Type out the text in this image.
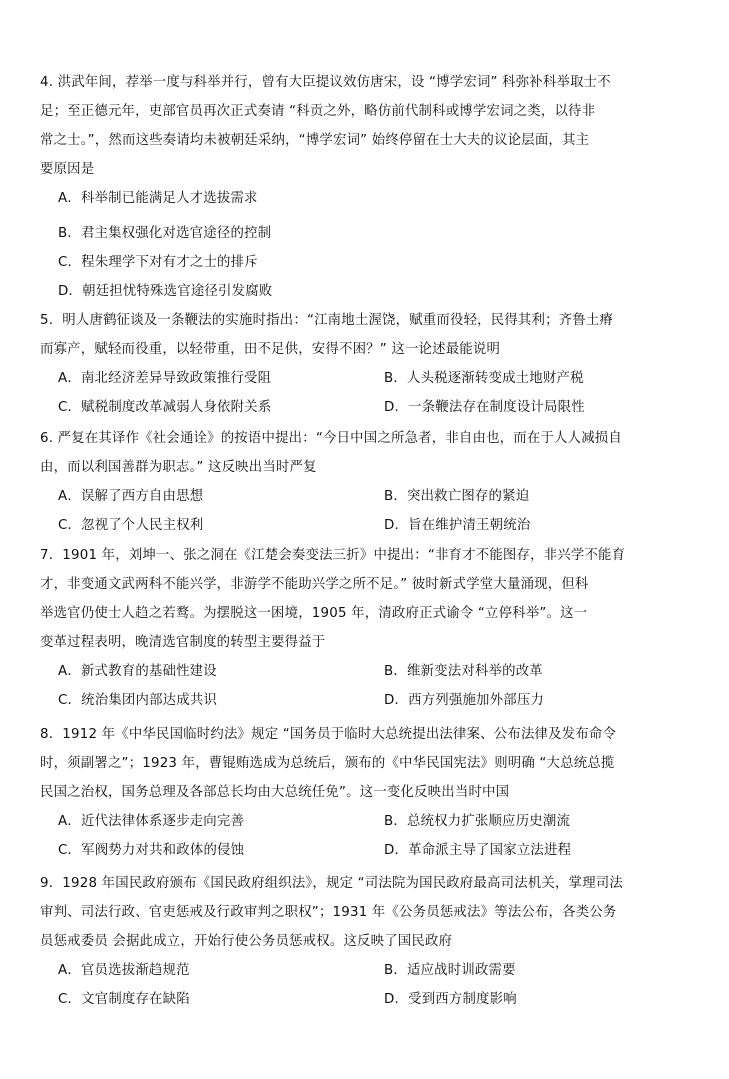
4. 洪武年间，荐举一度与科举并行，曾有大臣提议效仿唐宋，设 “博学宏词” 科弥补科举取士不
足；至正德元年，吏部官员再次正式奏请 “科贡之外，略仿前代制科或博学宏词之类，以待非
常之士。”，然而这些奏请均未被朝廷采纳，“博学宏词” 始终停留在士大夫的议论层面，其主
要原因是

A．科举制已能满足人才选拔需求
B．君主集权强化对选官途径的控制
C．程朱理学下对有才之士的排斥
D．朝廷担忧特殊选官途径引发腐败

5．明人唐鹤征谈及一条鞭法的实施时指出：“江南地土渥饶，赋重而役轻，民得其利；齐鲁土瘠
而寡产，赋轻而役重，以轻带重，田不足供，安得不困？” 这一论述最能说明

A．南北经济差异导致政策推行受阻	B．人头税逐渐转变成土地财产税
C．赋税制度改革减弱人身依附关系	D．一条鞭法存在制度设计局限性

6. 严复在其译作《社会通诠》的按语中提出：“今日中国之所急者，非自由也，而在于人人减损自
由，而以利国善群为职志。” 这反映出当时严复

A．误解了西方自由思想	B．突出救亡图存的紧迫
C．忽视了个人民主权利	D．旨在维护清王朝统治

7．1901 年，刘坤一、张之洞在《江楚会奏变法三折》中提出：“非育才不能图存，非兴学不能育
才，非变通文武两科不能兴学，非游学不能助兴学之所不足。” 彼时新式学堂大量涌现，但科
举选官仍使士人趋之若鹜。为摆脱这一困境，1905 年，清政府正式谕令 “立停科举”。这一
变革过程表明，晚清选官制度的转型主要得益于

A．新式教育的基础性建设	B．维新变法对科举的改革
C．统治集团内部达成共识	D．西方列强施加外部压力

8．1912 年《中华民国临时约法》规定 “国务员于临时大总统提出法律案、公布法律及发布命令
时，须副署之”；1923 年，曹锟贿选成为总统后，颁布的《中华民国宪法》则明确 “大总统总揽
民国之治权，国务总理及各部总长均由大总统任免”。这一变化反映出当时中国

A．近代法律体系逐步走向完善	B．总统权力扩张顺应历史潮流
C．军阀势力对共和政体的侵蚀	D．革命派主导了国家立法进程

9．1928 年国民政府颁布《国民政府组织法》，规定 “司法院为国民政府最高司法机关，掌理司法
审判、司法行政、官吏惩戒及行政审判之职权”；1931 年《公务员惩戒法》等法公布，各类公务
员惩戒委员 会据此成立，开始行使公务员惩戒权。这反映了国民政府

A．官员选拔渐趋规范	B．适应战时训政需要
C．文官制度存在缺陷	D．受到西方制度影响
